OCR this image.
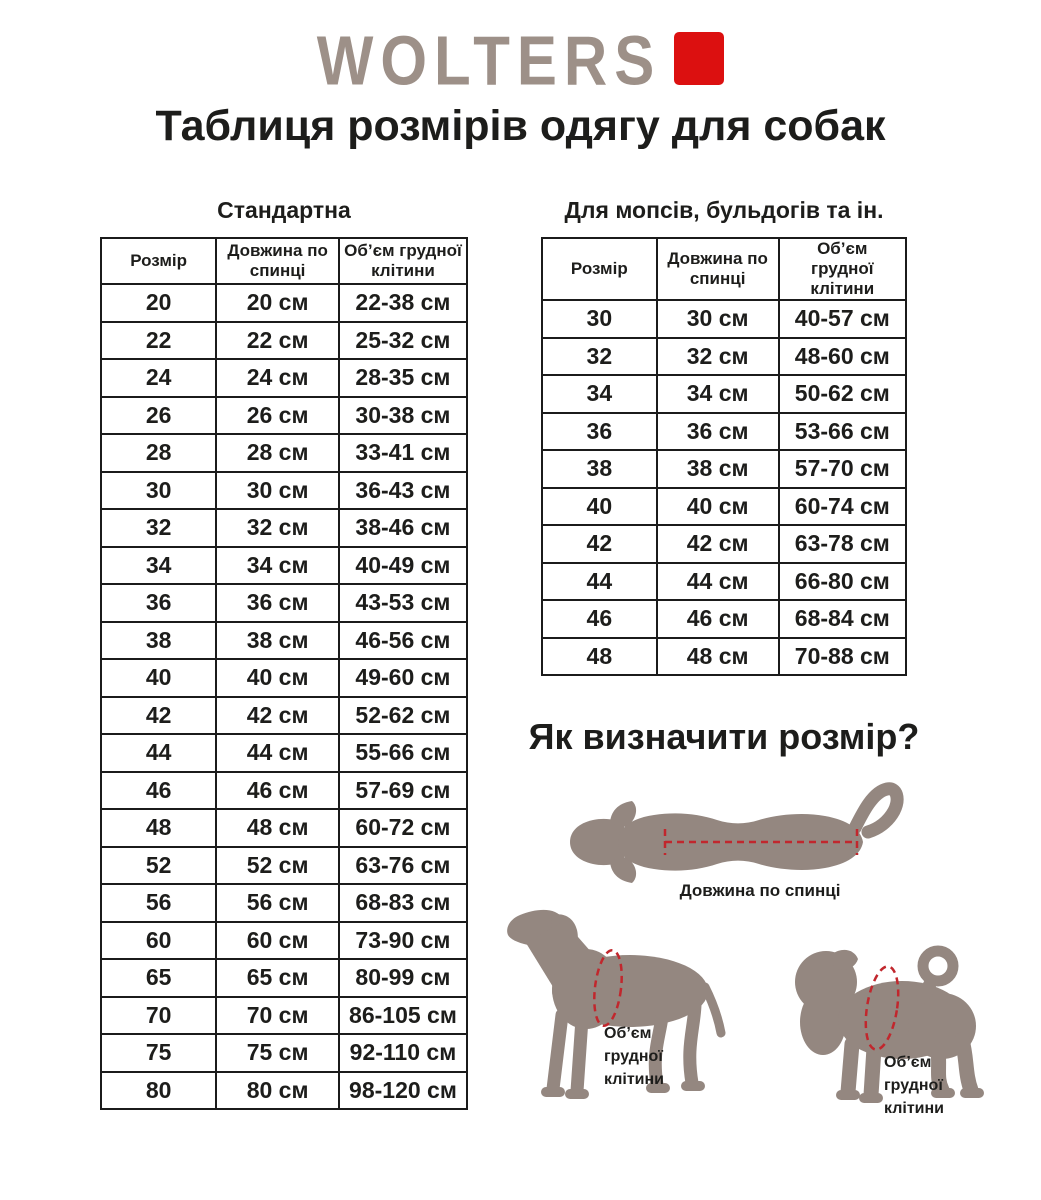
WOLTERS
Таблиця розмірів одягу для собак
Стандартна	Для мопсів, бульдогів та ін.
Розмір	Довжина по спинці	Об’єм грудної клітини
20	20 см	22-38 см
22	22 см	25-32 см
24	24 см	28-35 см
26	26 см	30-38 см
28	28 см	33-41 см
30	30 см	36-43 см
32	32 см	38-46 см
34	34 см	40-49 см
36	36 см	43-53 см
38	38 см	46-56 см
40	40 см	49-60 см
42	42 см	52-62 см
44	44 см	55-66 см
46	46 см	57-69 см
48	48 см	60-72 см
52	52 см	63-76 см
56	56 см	68-83 см
60	60 см	73-90 см
65	65 см	80-99 см
70	70 см	86-105 см
75	75 см	92-110 см
80	80 см	98-120 см
Розмір	Довжина по спинці	Об’єм грудної клітини
30	30 см	40-57 см
32	32 см	48-60 см
34	34 см	50-62 см
36	36 см	53-66 см
38	38 см	57-70 см
40	40 см	60-74 см
42	42 см	63-78 см
44	44 см	66-80 см
46	46 см	68-84 см
48	48 см	70-88 см
Як визначити розмір?
Довжина по спинці
Об’єм
грудної
клітини
Об’єм
грудної
клітини
